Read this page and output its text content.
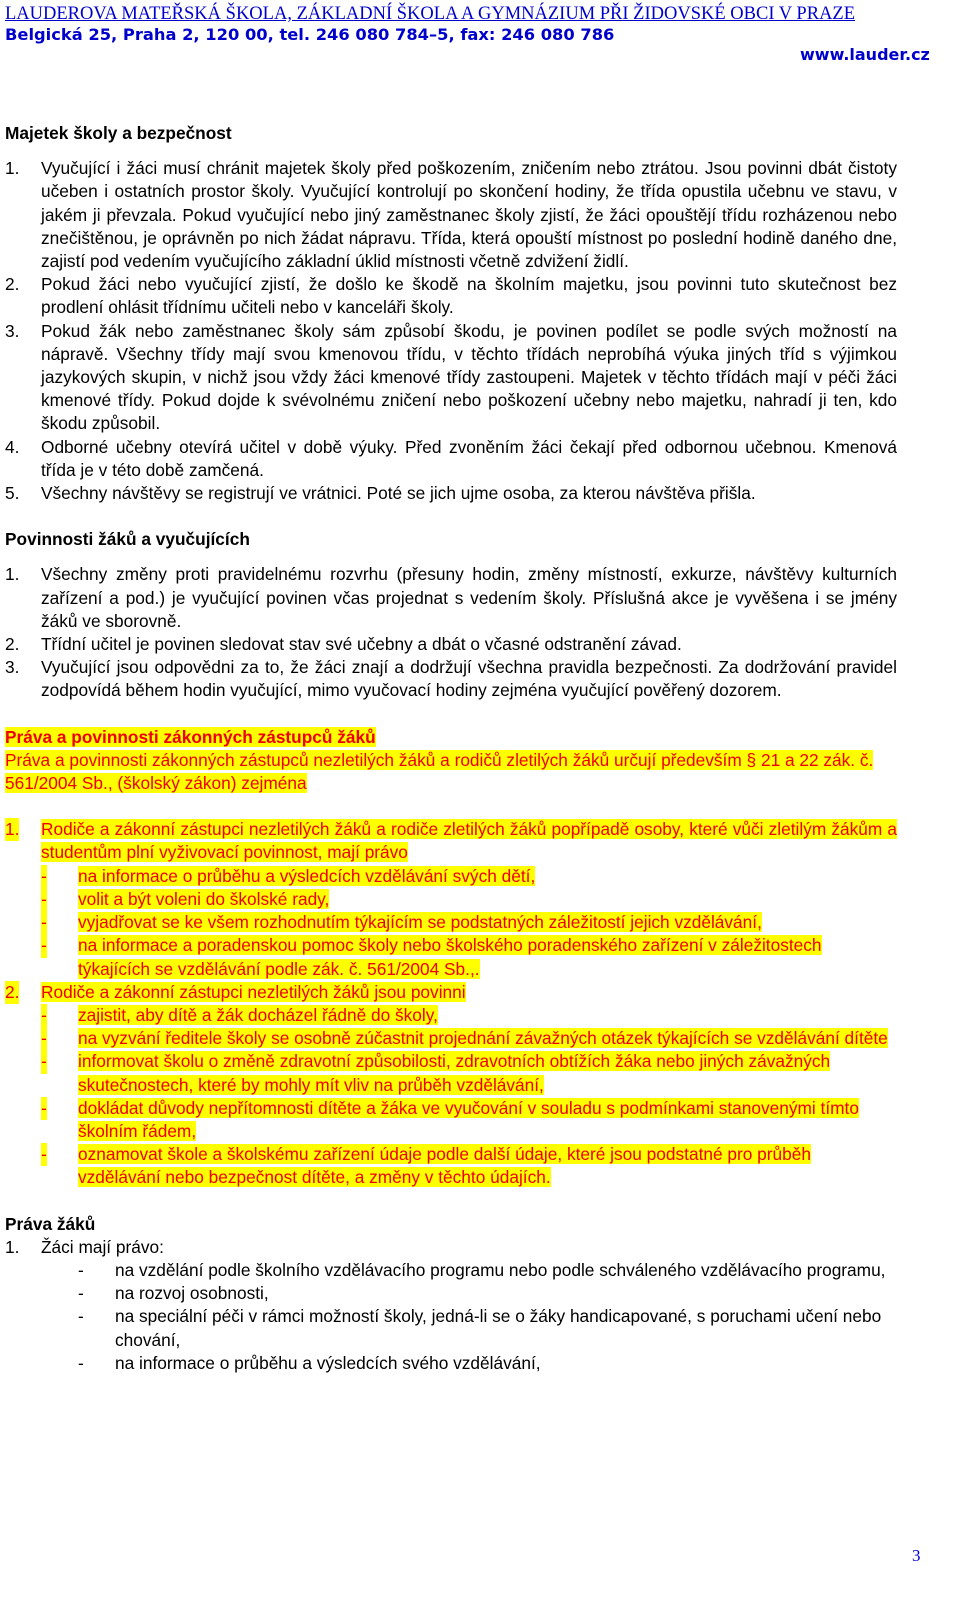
LAUDEROVA MATEŘSKÁ ŠKOLA, ZÁKLADNÍ ŠKOLA A GYMNÁZIUM PŘI ŽIDOVSKÉ OBCI V PRAZE
Belgická 25, Praha 2, 120 00, tel. 246 080 784–5, fax: 246 080 786
www.lauder.cz
Majetek školy a bezpečnost
1. Vyučující i žáci musí chránit majetek školy před poškozením, zničením nebo ztrátou. Jsou povinni dbát čistoty učeben i ostatních prostor školy. Vyučující kontrolují po skončení hodiny, že třída opustila učebnu ve stavu, v jakém ji převzala. Pokud vyučující nebo jiný zaměstnanec školy zjistí, že žáci opouštějí třídu rozházenou nebo znečištěnou, je oprávněn po nich žádat nápravu. Třída, která opouští místnost po poslední hodině daného dne, zajistí pod vedením vyučujícího základní úklid místnosti včetně zdvižení židlí.
2. Pokud žáci nebo vyučující zjistí, že došlo ke škodě na školním majetku, jsou povinni tuto skutečnost bez prodlení ohlásit třídnímu učiteli nebo v kanceláři školy.
3. Pokud žák nebo zaměstnanec školy sám způsobí škodu, je povinen podílet se podle svých možností na nápravě. Všechny třídy mají svou kmenovou třídu, v těchto třídách neprobíhá výuka jiných tříd s výjimkou jazykových skupin, v nichž jsou vždy žáci kmenové třídy zastoupeni. Majetek v těchto třídách mají v péči žáci kmenové třídy. Pokud dojde k svévolnému zničení nebo poškození učebny nebo majetku, nahradí ji ten, kdo škodu způsobil.
4. Odborné učebny otevírá učitel v době výuky. Před zvoněním žáci čekají před odbornou učebnou. Kmenová třída je v této době zamčená.
5. Všechny návštěvy se registrují ve vrátnici. Poté se jich ujme osoba, za kterou návštěva přišla.
Povinnosti žáků a vyučujících
1. Všechny změny proti pravidelnému rozvrhu (přesuny hodin, změny místností, exkurze, návštěvy kulturních zařízení a pod.) je vyučující povinen včas projednat s vedením školy. Příslušná akce je vyvěšena i se jmény žáků ve sborovně.
2. Třídní učitel je povinen sledovat stav své učebny a dbát o včasné odstranění závad.
3. Vyučující jsou odpovědni za to, že žáci znají a dodržují všechna pravidla bezpečnosti. Za dodržování pravidel zodpovídá během hodin vyučující, mimo vyučovací hodiny zejména vyučující pověřený dozorem.
Práva a povinnosti zákonných zástupců žáků
Práva a povinnosti zákonných zástupců nezletilých žáků a rodičů zletilých žáků určují především § 21 a 22 zák. č. 561/2004 Sb., (školský zákon) zejména
1. Rodiče a zákonní zástupci nezletilých žáků a rodiče zletilých žáků popřípadě osoby, které vůči zletilým žákům a studentům plní vyživovací povinnost, mají právo
- na informace o průběhu a výsledcích vzdělávání svých dětí,
- volit a být voleni do školské rady,
- vyjadřovat se ke všem rozhodnutím týkajícím se podstatných záležitostí jejich vzdělávání,
- na informace a poradenskou pomoc školy nebo školského poradenského zařízení v záležitostech týkajících se vzdělávání podle zák. č. 561/2004 Sb.,.
2. Rodiče a zákonní zástupci nezletilých žáků jsou povinni
- zajistit, aby dítě a žák docházel řádně do školy,
- na vyzvání ředitele školy se osobně zúčastnit projednání závažných otázek týkajících se vzdělávání dítěte
- informovat školu o změně zdravotní způsobilosti, zdravotních obtížích žáka nebo jiných závažných skutečnostech, které by mohly mít vliv na průběh vzdělávání,
- dokládat důvody nepřítomnosti dítěte a žáka ve vyučování v souladu s podmínkami stanovenými tímto školním řádem,
- oznamovat škole a školskému zařízení údaje podle další údaje, které jsou podstatné pro průběh vzdělávání nebo bezpečnost dítěte, a změny v těchto údajích.
Práva žáků
1. Žáci mají právo:
- na vzdělání podle školního vzdělávacího programu nebo podle schváleného vzdělávacího programu,
- na rozvoj osobnosti,
- na speciální péči v rámci možností školy, jedná-li se o žáky handicapované, s poruchami učení nebo chování,
- na informace o průběhu a výsledcích svého vzdělávání,
3
